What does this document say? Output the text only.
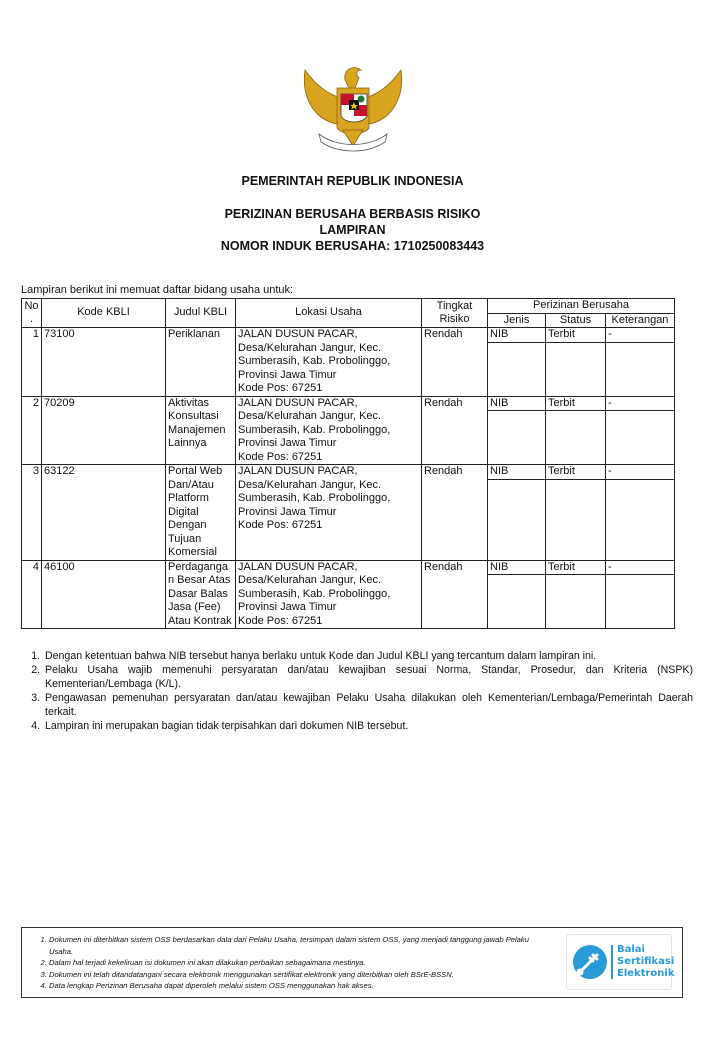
PEMERINTAH REPUBLIK INDONESIA
PERIZINAN BERUSAHA BERBASIS RISIKO
LAMPIRAN
NOMOR INDUK BERUSAHA: 1710250083443
Lampiran berikut ini memuat daftar bidang usaha untuk:
No.	Kode KBLI	Judul KBLI	Lokasi Usaha	Tingkat Risiko	Perizinan Berusaha		
					Jenis	Status	Keterangan
1	73100	Periklanan	JALAN DUSUN PACAR,
Desa/Kelurahan Jangur, Kec.
Sumberasih, Kab. Probolinggo,
Provinsi Jawa Timur
Kode Pos: 67251	Rendah	NIB	Terbit	-

2	70209	Aktivitas Konsultasi Manajemen Lainnya	JALAN DUSUN PACAR,
Desa/Kelurahan Jangur, Kec.
Sumberasih, Kab. Probolinggo,
Provinsi Jawa Timur
Kode Pos: 67251	Rendah	NIB	Terbit	-

3	63122	Portal Web Dan/Atau Platform Digital Dengan Tujuan Komersial	JALAN DUSUN PACAR,
Desa/Kelurahan Jangur, Kec.
Sumberasih, Kab. Probolinggo,
Provinsi Jawa Timur
Kode Pos: 67251	Rendah	NIB	Terbit	-

4	46100	Perdagangan Besar Atas Dasar Balas Jasa (Fee) Atau Kontrak	JALAN DUSUN PACAR,
Desa/Kelurahan Jangur, Kec.
Sumberasih, Kab. Probolinggo,
Provinsi Jawa Timur
Kode Pos: 67251	Rendah	NIB	Terbit	-

1. Dengan ketentuan bahwa NIB tersebut hanya berlaku untuk Kode dan Judul KBLI yang tercantum dalam lampiran ini.
2. Pelaku Usaha wajib memenuhi persyaratan dan/atau kewajiban sesuai Norma, Standar, Prosedur, dan Kriteria (NSPK) Kementerian/Lembaga (K/L).
3. Pengawasan pemenuhan persyaratan dan/atau kewajiban Pelaku Usaha dilakukan oleh Kementerian/Lembaga/Pemerintah Daerah terkait.
4. Lampiran ini merupakan bagian tidak terpisahkan dari dokumen NIB tersebut.
1. Dokumen ini diterbitkan sistem OSS berdasarkan data dari Pelaku Usaha, tersimpan dalam sistem OSS, yang menjadi tanggung jawab Pelaku Usaha.
2. Dalam hal terjadi kekeliruan isi dokumen ini akan dilakukan perbaikan sebagaimana mestinya.
3. Dokumen ini telah ditandatangani secara elektronik menggunakan sertifikat elektronik yang diterbitkan oleh BSrE-BSSN.
4. Data lengkap Perizinan Berusaha dapat diperoleh melalui sistem OSS menggunakan hak akses.
Balai
Sertifikasi
Elektronik
